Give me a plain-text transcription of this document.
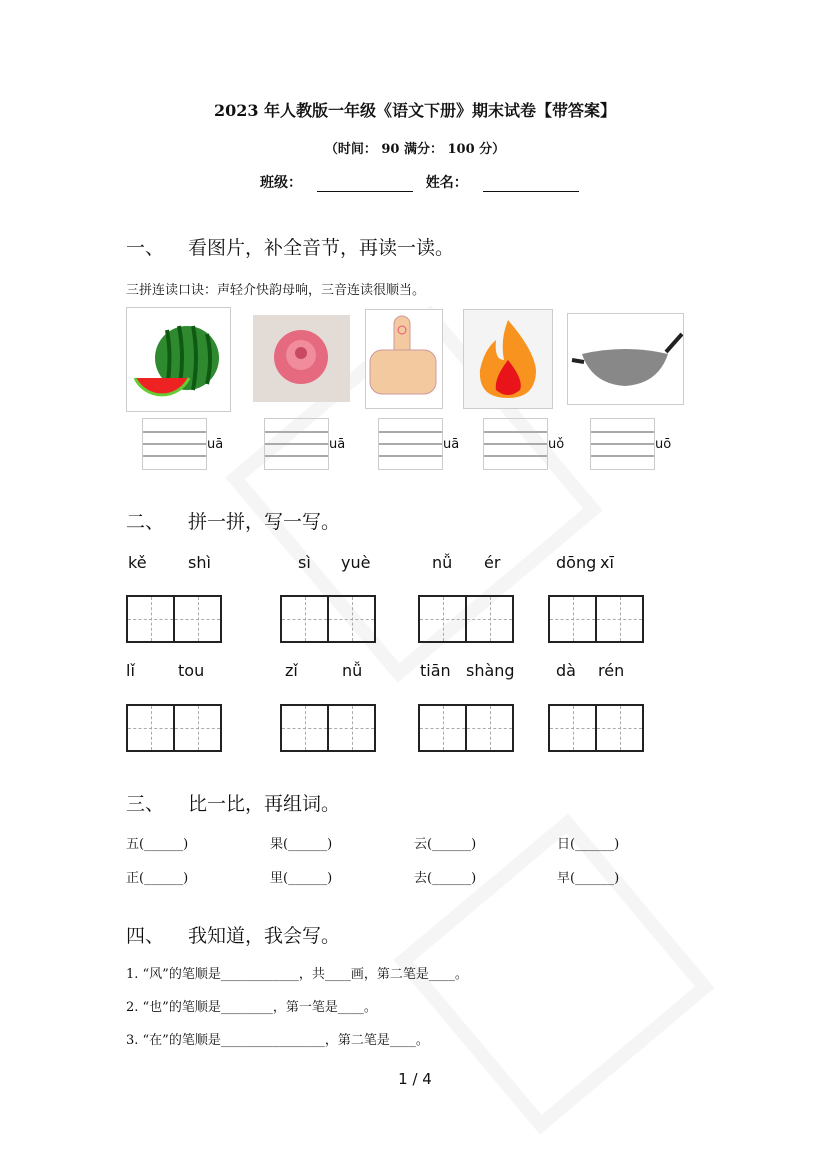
2023 年人教版一年级《语文下册》期末试卷【带答案】
（时间： 90 满分： 100 分）
班级：	姓名：
一、 看图片，补全音节，再读一读。
三拼连读口诀：声轻介快韵母响，三音连读很顺当。
uā	uā	uā	uǒ	uō
二、 拼一拼，写一写。
kě	shì	sì yuè	nǚ ér	dōng xī
lǐ	tou	zǐ	nǚ	tiān shàng	dà rén
三、 比一比，再组词。
五(______)	果(______)	云(______)	日(______)
正(______)	里(______)	去(______)	早(______)
四、 我知道，我会写。
1. “风”的笔顺是____________，共____画，第二笔是____。
2. “也”的笔顺是________，第一笔是____。
3. “在”的笔顺是________________，第二笔是____。
1 / 4
